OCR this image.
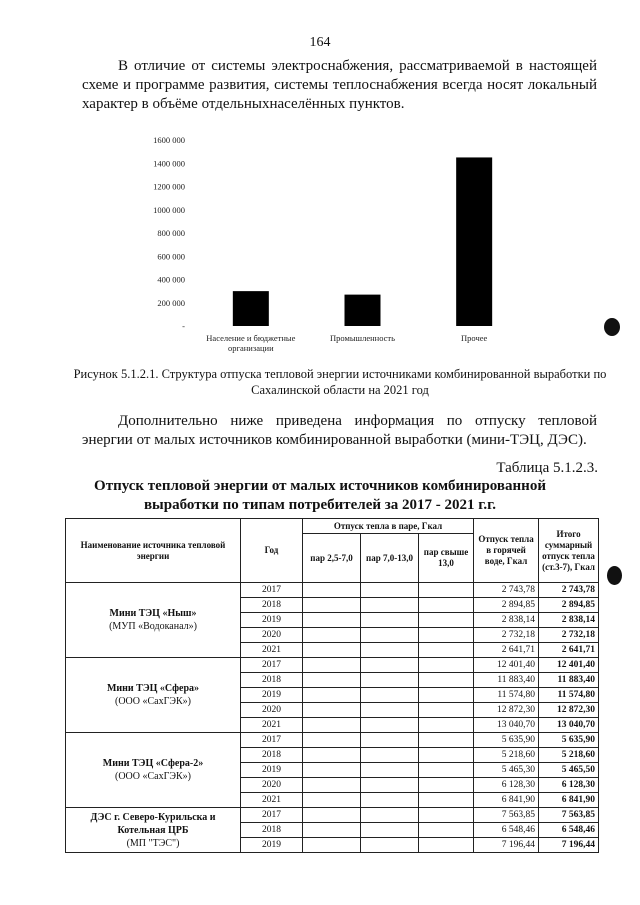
164
В отличие от системы электроснабжения, рассматриваемой в настоящей схеме и программе развития, системы теплоснабжения всегда носят локальный характер в объёме отдельныхнаселённых пунктов.
-
200 000
400 000
600 000
800 000
1000 000
1200 000
1400 000
1600 000
Население и бюджетные
организации
Промышленность	Прочее
Рисунок 5.1.2.1. Структура отпуска тепловой энергии источниками комбинированной выработки по Сахалинской области на 2021 год
Дополнительно ниже приведена информация по отпуску тепловой энергии от малых источников комбинированной выработки (мини-ТЭЦ, ДЭС).
Таблица 5.1.2.3.
Отпуск тепловой энергии от малых источников комбинированной выработки по типам потребителей за 2017 - 2021 г.г.
Наименование источника тепловой энергии	Год	Отпуск тепла в паре, Гкал			Отпуск тепла в горячей воде, Гкал	Итого суммарный отпуск тепла (ст.3-7), Гкал
		пар 2,5-7,0	пар 7,0-13,0	пар свыше 13,0		

Мини ТЭЦ «Ныш»
(МУП «Водоканал»)	2017				2 743,78	2 743,78
	2018				2 894,85	2 894,85
	2019				2 838,14	2 838,14
	2020				2 732,18	2 732,18
	2021				2 641,71	2 641,71

Мини ТЭЦ «Сфера»
(ООО «СахГЭК»)	2017				12 401,40	12 401,40
	2018				11 883,40	11 883,40
	2019				11 574,80	11 574,80
	2020				12 872,30	12 872,30
	2021				13 040,70	13 040,70

Мини ТЭЦ «Сфера-2»
(ООО «СахГЭК»)	2017				5 635,90	5 635,90
	2018				5 218,60	5 218,60
	2019				5 465,30	5 465,50
	2020				6 128,30	6 128,30
	2021				6 841,90	6 841,90

ДЭС г. Северо-Курильска и Котельная ЦРБ
(МП "ТЭС")	2017				7 563,85	7 563,85
	2018				6 548,46	6 548,46
	2019				7 196,44	7 196,44
